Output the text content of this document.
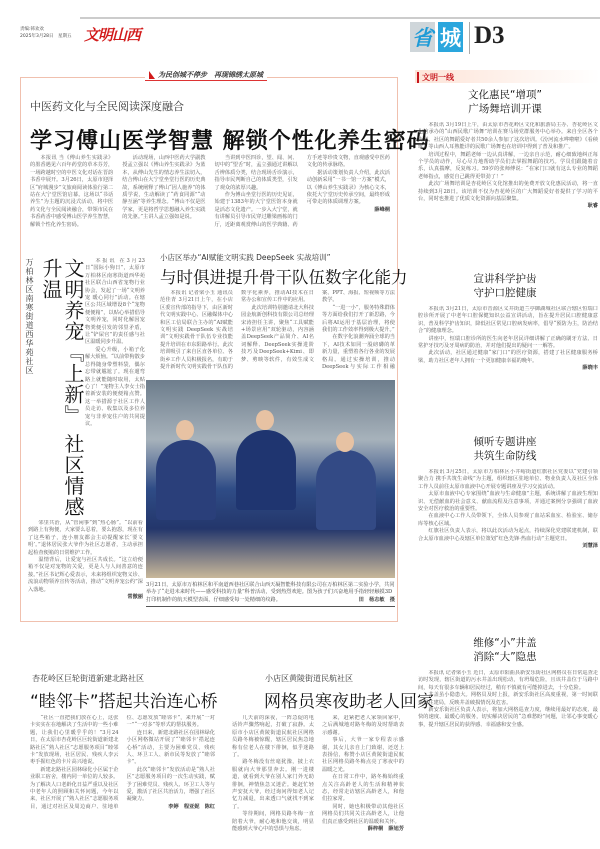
责编:韩欢欢
2025年3月28日　星期五 文明山西	省 城 D3
为民创城不停步　再现锦绣太原城	文明一线
中医药文化与全民阅读深度融合
学习傅山医学智慧 解锁个性化养生密码

本报讯 当《傅山养生实践录》的墨香遇见六百年药堂的草本芬芳，一场跨越时空的中医文化对话在晋韵书香中展开。3月26日，太原市迎泽区“府城漫步”文旅商阅读体验行第二站在大宁堂医馆启幕。这场以“书话养生”为主题的沉浸式活动，将中医药文化与全民阅读融合，带领市民在书香药香中感受傅山医学养生智慧，解锁个性化养生密码。

活动现场，山西中医药大学副教授孟立强以《傅山养生实践录》为蓝本，从傅山先生的情志养生法切入，结合傅山在大宁堂坐堂行医的历史典故，系统阐释了傅山“因人施养”的体质学说，生动解读了“药食同源”“动静互涵”等养生理念。“傅山不仅是医学家，更是将哲学思想融入养生实践的先驱。”主讲人孟立强如是说。

当讲到中医四诊，望、闻、问、切中的“望舌”时，孟立强通过讲解以舌辨体质分类，结合现场舌诊演示，指导市民判断自己的体质类型，引发了观众的浓厚兴趣。

作为傅山坐堂行医的历史见证，始建于1383年的大宁堂医馆本身就是活态文化遗产。一步入大宁堂，就有讲解员引导市民穿过雕梁画栋的门厅，近距离观赏傅山的医学典籍、药方手迹等珍贵文物，直观感受中医药文化的传承脉络。

据活动策划负责人介绍，此次活动创新采用“一书一馆一方案”模式，以《傅山养生实践录》为核心文本，依托大宁堂历史传承空间，最终形成可带走的体质调理方案。

薛峰桐
万柏林区南寒街道西华苑社区	文明养宠『上新』 社区情感升温	本报讯 在3月23日“国际小狗日”，太原市万柏林区南寒街道西华苑社区联合山西省宠物行业协会，发起了一场“文明养宠 暖心同行”活动。在辖区公共区域增设8个“宠物便便箱”，以贴心举措倡导文明养宠，同时化解因宠物粪便引发的邻里矛盾，让“铲屎官”的责任感与社区温暖同步升温。

爱心升级，小箱子化解大烦恼。“以前带狗散步总得随身带塑料袋，偶尔忘带就尴尬了。现在遛弯路上就能随时取用，太贴心了！”宠物主人李女士指着新安装的便便箱点赞。这一举措源于社区工作人员走访、收集以及多位养宠与非养宠住户的共同提议。

邻里共治，从“管闲事”到“热心肠”。“以前看到路上有狗便，大家要么忍着，要么抱怨，现在有了这些箱子，连小朋友都会主动提醒家长‘要文明’。”退休居民张大爷作为社区志愿者，主动承担起检查便箱的日常维护工作。

温情背后，让爱宠与社区共成长。“这立给便箱不仅是对宠物的关爱，更是人与人间善意的连接。”社区书记辉心爱表示，未来将组织宠物义诊、流浪动物领养宣传等活动，推动“文明养宠公约”深入落地。

常傲丽
小店区举办“AI赋能文明实践 DeepSeek 实战培训”
与时俱进提升骨干队伍数字化能力

本报讯 记者梁小玉 通讯员范佳青 3月21日上午，在小店区委宣传部的指导下，由区新时代文明实践中心、区融媒体中心和区工信局联合主办的“AI赋能文明实践 DeepSeek 实战培训”文明实践骨干队伍专业技能提升培训在市东阳路举行。此次培训吸引了来自区直各单位、各街乡工作人员积极报名，有助于提升新时代文明实践骨干队伍的数字化素养，推动AI技术在日常办公和宣传工作中的应用。

此次培训特别邀请北大科技园金航新创科技有限公司总经理宋涛担任主讲，聚焦“工具赋能+场景应用”双轮驱动，内容涵盖DeepSeek产品简介、AI名词解释、DeepSeek实操进阶技巧及DeepSeek+Kimi、即梦、剪映等软件，有效生成文案、PPT、海报、短视频等方法教学。

“一进一小”，服务特殊群体等方面给我们打开了新思路，今后将AI运用于基层治理，将使我们的工作效率得到极大提升。”

在数字化浪潮奔涌全球的当下，AI技术如同一股磅礴的革新力量，重塑着各行各业的发展格局。通过实操培训，推动DeepSeek与实际工作相融

3月21日，太原市万柏林区和平南道西巷社区联合山西天凝智能科技有限公司在万柏林区第二实验小学，共同举办了“走进未来时代——感受科技的力量”科普活动，受到热烈欢迎。图为孩子们兴奋地用手指轻轻触摸3D打印机制作的航天模型表面，仔细感受每一处精细的纹路。	田　杨志敏　摄
杏花岭区巨轮街道新建北路社区
“睦邻卡”搭起共治连心桥

“社区一直把我们放在心上，这张卡实实在在地解决了生活中的一些小难题，让我们心里暖乎乎的！”3月24日，在太原市杏花岭区巨轮街道新建北路社区“熟人社区”志愿服务项目“睦邻卡”发放现场，社区居民、残疾人李云枣手握红色的卡片高兴地说。

新建北路社区园林绿化小区属于企业职工宿舍，楼内同一单位的人较多。为了解决人口老龄化日益严重以及社区中老年人的照顾和关怀问题，今年以来，社区开展了“熟人社区”志愿服务项目，通过对社区及周边商户、驻地单位、志愿发放“睦邻卡”，来开展“一对一”“一对多”等形式的帮扶服务。

连日来，新建北路社区在园林绿化小区网格微站开展了“‘睦邻卡’搭起连心桥”活动，主要为困难党员、残疾人、环卫工人、新市民等发放了“睦邻卡”。

此次“睦邻卡”发放活动是“熟人社区”志愿服务项目的一次生动实践，赋予了困难党员、残疾人、环卫工人等与爱，激活了社区共治活力，增强了社区凝聚力。

李婷　程亚妮　陈红
小店区黄陵街道民航社区
网格员寒夜助老人回家

几天前的深夜，一阵急促的电话铃声骤然响起，打破了寂静。太原市小店区黄陵街道民航社区网格员路冬梅被惊醒，辖区居民焦急地称有位老人在楼下徘徊，似乎迷路了。

路冬梅没有丝毫犹豫，披上衣服就向大爷那里奔去。刚一进楼道，就看到大爷在别人家门外无助徘徊，神情焦急又迷茫。她赶忙轻声安抚大爷，经过询问得知老人记忆力减退，出来透口气就找不到家了。

等待期间，网格员路冬梅一直陪着大爷，耐心地和他交谈，明显能感到大爷心中的恐惧与焦虑。

来，赶紧把老人家领回家中，之后满城地对路冬梅的及时帮助表示感谢。

事后，大爷一家专程表示感谢，其女儿亲自上门致谢，还送上表扬信，称赞小店区黄陵街道民航社区网格员路冬梅点亮了寒夜中的温暖之光。

在日常工作中，路冬梅始终重点关注高龄老人的生活和精神状态，经常走访辖区高龄老人，和他们拉家常。

同时，她也积极带动其他社区网格员们共同关注高龄老人，让他们真正感受到社区的温暖和关怀。

薛梓桐　薛旭芳
文化惠民“增项”
广场舞培训开课

本报讯 3月19日上午，由太原市杏花岭区文化和旅游局主办、杏花岭区文化馆承办的“山西民歌广场舞”培训在赛马场党群服务中心举办。来自全区各个街道、社区的舞蹈爱好者共50余人参加了这次培训。《汾河流水哗啦啦》《看秧歌》等山西人耳熟能详的民歌广场舞也在培训中得到了普及和推广。

培训过程中，舞蹈老师一边认真讲解，一边亲自示范，耐心细致地纠正每个学员的动作，尽心尽力地帮助学员们去掌握舞蹈的技巧。学员们跟随着音乐，认真揣摩，反复练习。59岁的张师傅说：“在家门口就有这么专业的舞蹈老师指点，感觉自己跳得更带劲了！”

此次广场舞培训是杏花岭区文化馆推出的免费开放文化惠民活动，将一直持续到3月28日。该培训不仅为杏花岭区的广大舞蹈爱好者提供了学习的平台，同时也推进了优质文化资源向基层聚集。

耿睿
宣讲科学护齿
守护口腔健康

本报讯 3月21日，太原市晋源区义井街道兰亭御湖城社区联合辖区恒瑞口腔诊所开展了中老年口腔保健知识公益宣讲活动，旨在提升居民口腔健康意识，普及科学护齿知识，降低社区常见口腔病发病率，倡导“预防为主，防治结合”的健康理念。

讲座中，恒瑞口腔诊所的医生向老年居民详细讲解了正确的刷牙方法、日常护牙技巧及牙周病的防治，并对他们提出的疑问一一解答。

此次活动，社区通过健康“家门口”的医疗资源，搭建了社区健康服务桥梁，助力社区老年人拥有一个更加健康幸福的晚年。

薛晓丰
倾听专题讲座
共筑生命防线

本报讯 3月25日，太原市万柏林区小井峪街道红旗社区党委以“党建引领聚合力 携手共筑生命线”为主题，组织辖区驻地单位、物业负责人及社区全体工作人员前往太原市血液中心开展专题讲座及学习交流活动。

太原市血液中心专家围绕“血液与生命健康”主题，系统讲解了血液生理知识、无偿献血的社会意义、献血流程及注意事项，并通过案例分享强调了血液安全对医疗救治的重要性。

在血液中心工作人员带领下，全体人员参观了血站采血室、检验室、储存库等核心区域。

红旗社区负责人表示，将以此次活动为起点，持续深化党建联建机制，联合太原市血液中心及辖区单位策划“红色先锋·热血行动”主题党日。

刘慧泽
维修“小”井盖
消除“大”隐患

本报讯 记者梁小玉 近日，太原市阳曲县新安乐街社区网格员在日常巡查走访时发现，辖区街道的污水井盖出现松动，有坍塌危险，且该井盖位于马路中间，每天有很多车辆和居民经过，稍有不慎就有可能掉进去，十分危险。

井盖虽小隐患大。网格员及时上报，新安乐街社区高度重视，第一时间联系县住建局，反映井盖破损情况及危害。

新安乐街社区负责人表示，将加大网格巡查力度，继续用最好的态度、最快的速度、最暖心的服务，切实解决居民的“急难愁盼”问题，让邻心事变暖心事，提升辖区居民的获得感、幸福感和安全感。
